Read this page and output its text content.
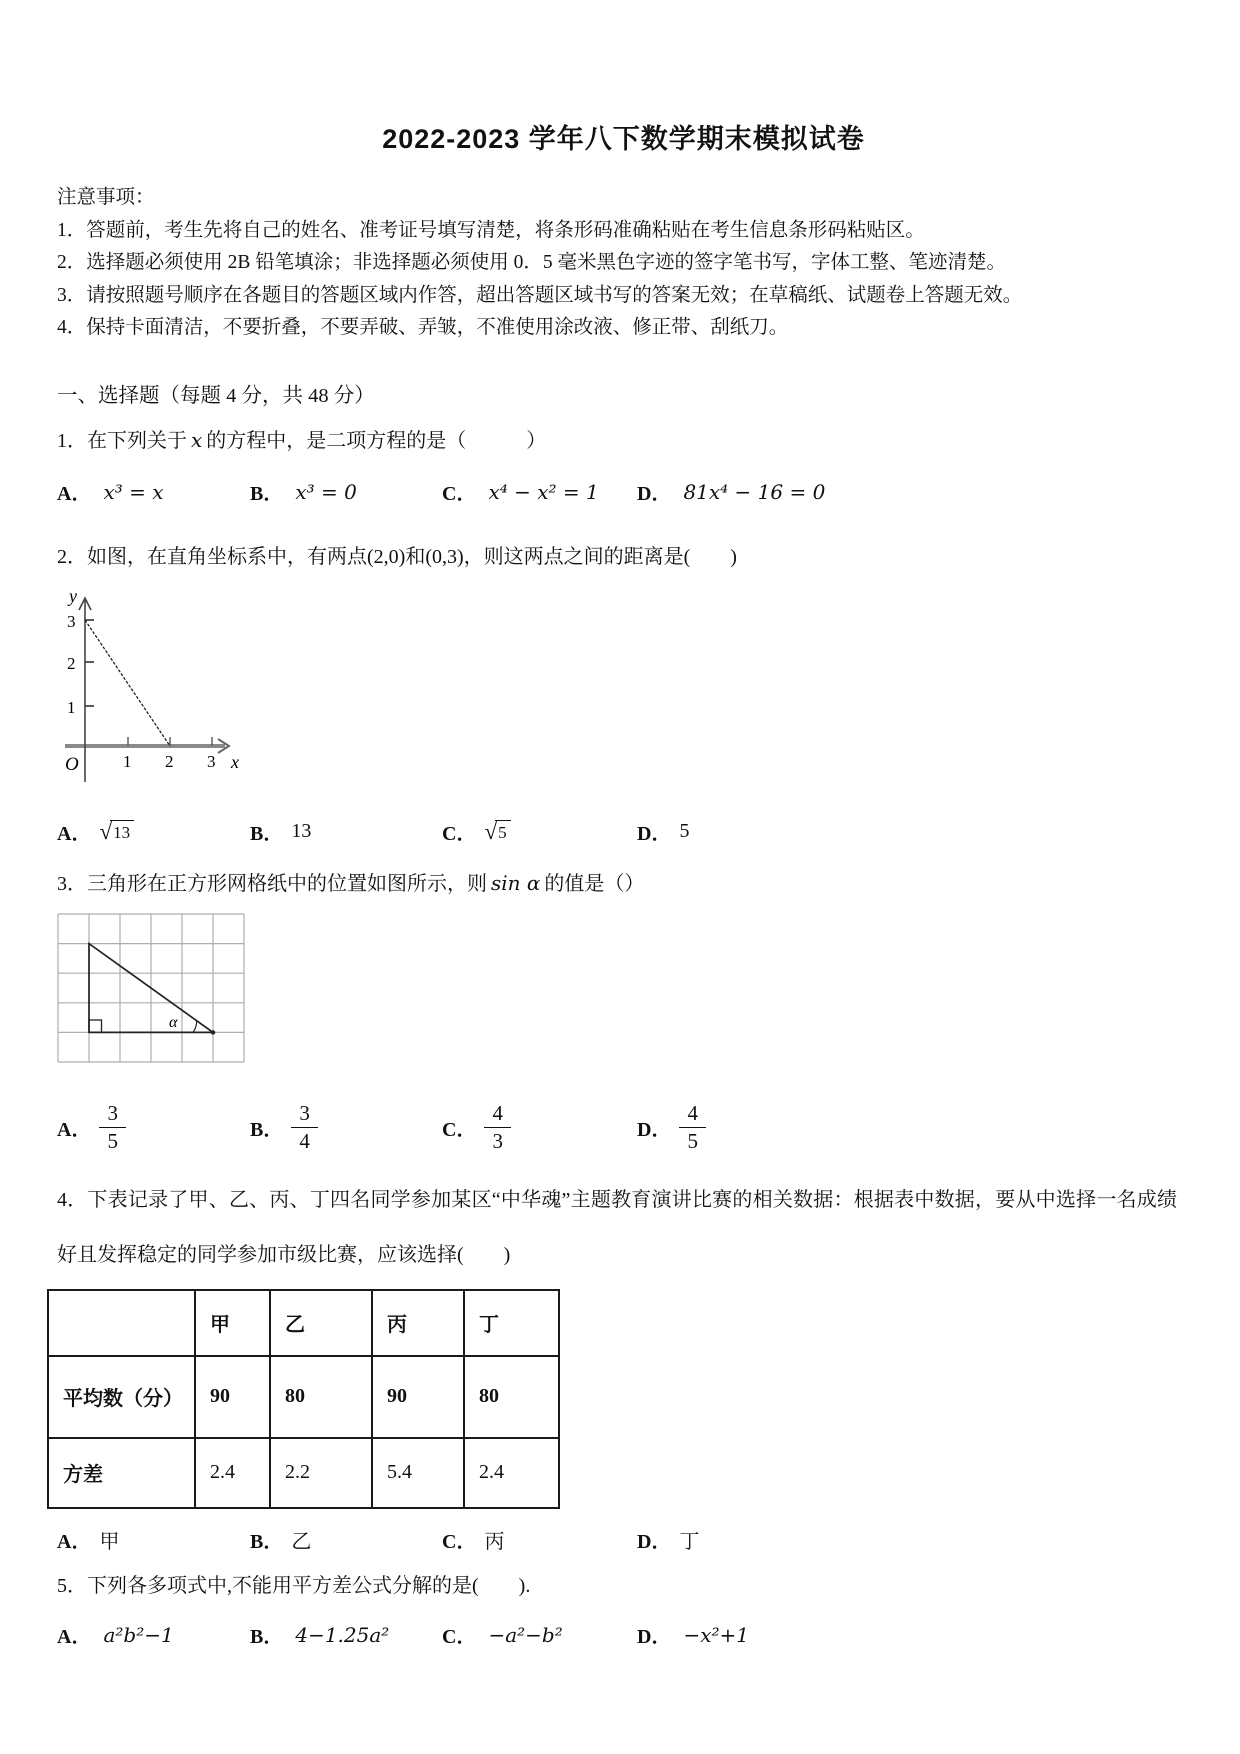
2022-2023 学年八下数学期末模拟试卷
注意事项：
1．答题前，考生先将自己的姓名、准考证号填写清楚，将条形码准确粘贴在考生信息条形码粘贴区。
2．选择题必须使用 2B 铅笔填涂；非选择题必须使用 0．5 毫米黑色字迹的签字笔书写，字体工整、笔迹清楚。
3．请按照题号顺序在各题目的答题区域内作答，超出答题区域书写的答案无效；在草稿纸、试题卷上答题无效。
4．保持卡面清洁，不要折叠，不要弄破、弄皱，不准使用涂改液、修正带、刮纸刀。
一、选择题（每题 4 分，共 48 分）
1．在下列关于 x 的方程中，是二项方程的是（　　　）
A． x³ = x	B． x³ = 0	C． x⁴ − x² = 1 D． 81x⁴ − 16 = 0
2．如图，在直角坐标系中，有两点(2,0)和(0,3)，则这两点之间的距离是(　　)
y
x
O
3
2
1
1 2 3
A． √ 13	B． 13	C． √ 5	D． 5
3．三角形在正方形网格纸中的位置如图所示，则 sin α 的值是（）
α
A． $\frac{3}{5}$	B． $\frac{3}{4}$	C． $\frac{4}{3}$	D． $\frac{4}{5}$
4．下表记录了甲、乙、丙、丁四名同学参加某区“中华魂”主题教育演讲比赛的相关数据：根据表中数据，要从中选择一名成绩好且发挥稳定的同学参加市级比赛，应该选择(　　)
	甲	乙	丙	丁
平均数（分）	90	80	90	80
方差	2.4	2.2	5.4	2.4
A． 甲	B． 乙	C． 丙	D． 丁
5．下列各多项式中,不能用平方差公式分解的是(　　).
A． a²b²−1	B． 4−1.25a²	C． −a²−b²	D． −x²+1
